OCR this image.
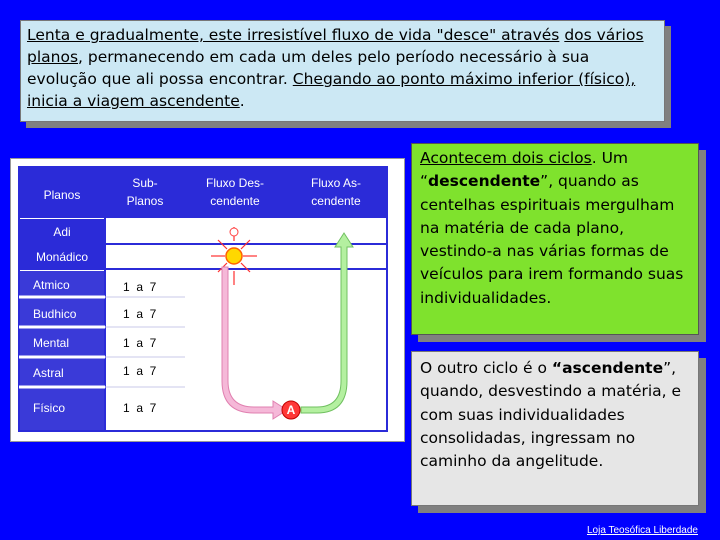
Lenta e gradualmente, este irresistível fluxo de vida "desce" através dos vários planos, permanecendo em cada um deles pelo período necessário à sua evolução que ali possa encontrar. Chegando ao ponto máximo inferior (físico), inicia a viagem ascendente.
Planos
Sub-
Planos
Fluxo Des-
cendente
Fluxo As-
cendente
Adi
Monádico
Atmico
Budhico
Mental
Astral
Físico
1  a  7
1  a  7
1  a  7
1  a  7
1  a  7	A
Acontecem dois ciclos. Um “descendente”, quando as centelhas espirituais mergulham na matéria de cada plano, vestindo-a nas várias formas de veículos para irem formando suas individualidades.
O outro ciclo é o “ascendente”, quando, desvestindo a matéria, e com suas individualidades consolidadas, ingressam no caminho da angelitude.
Loja Teosófica Liberdade
